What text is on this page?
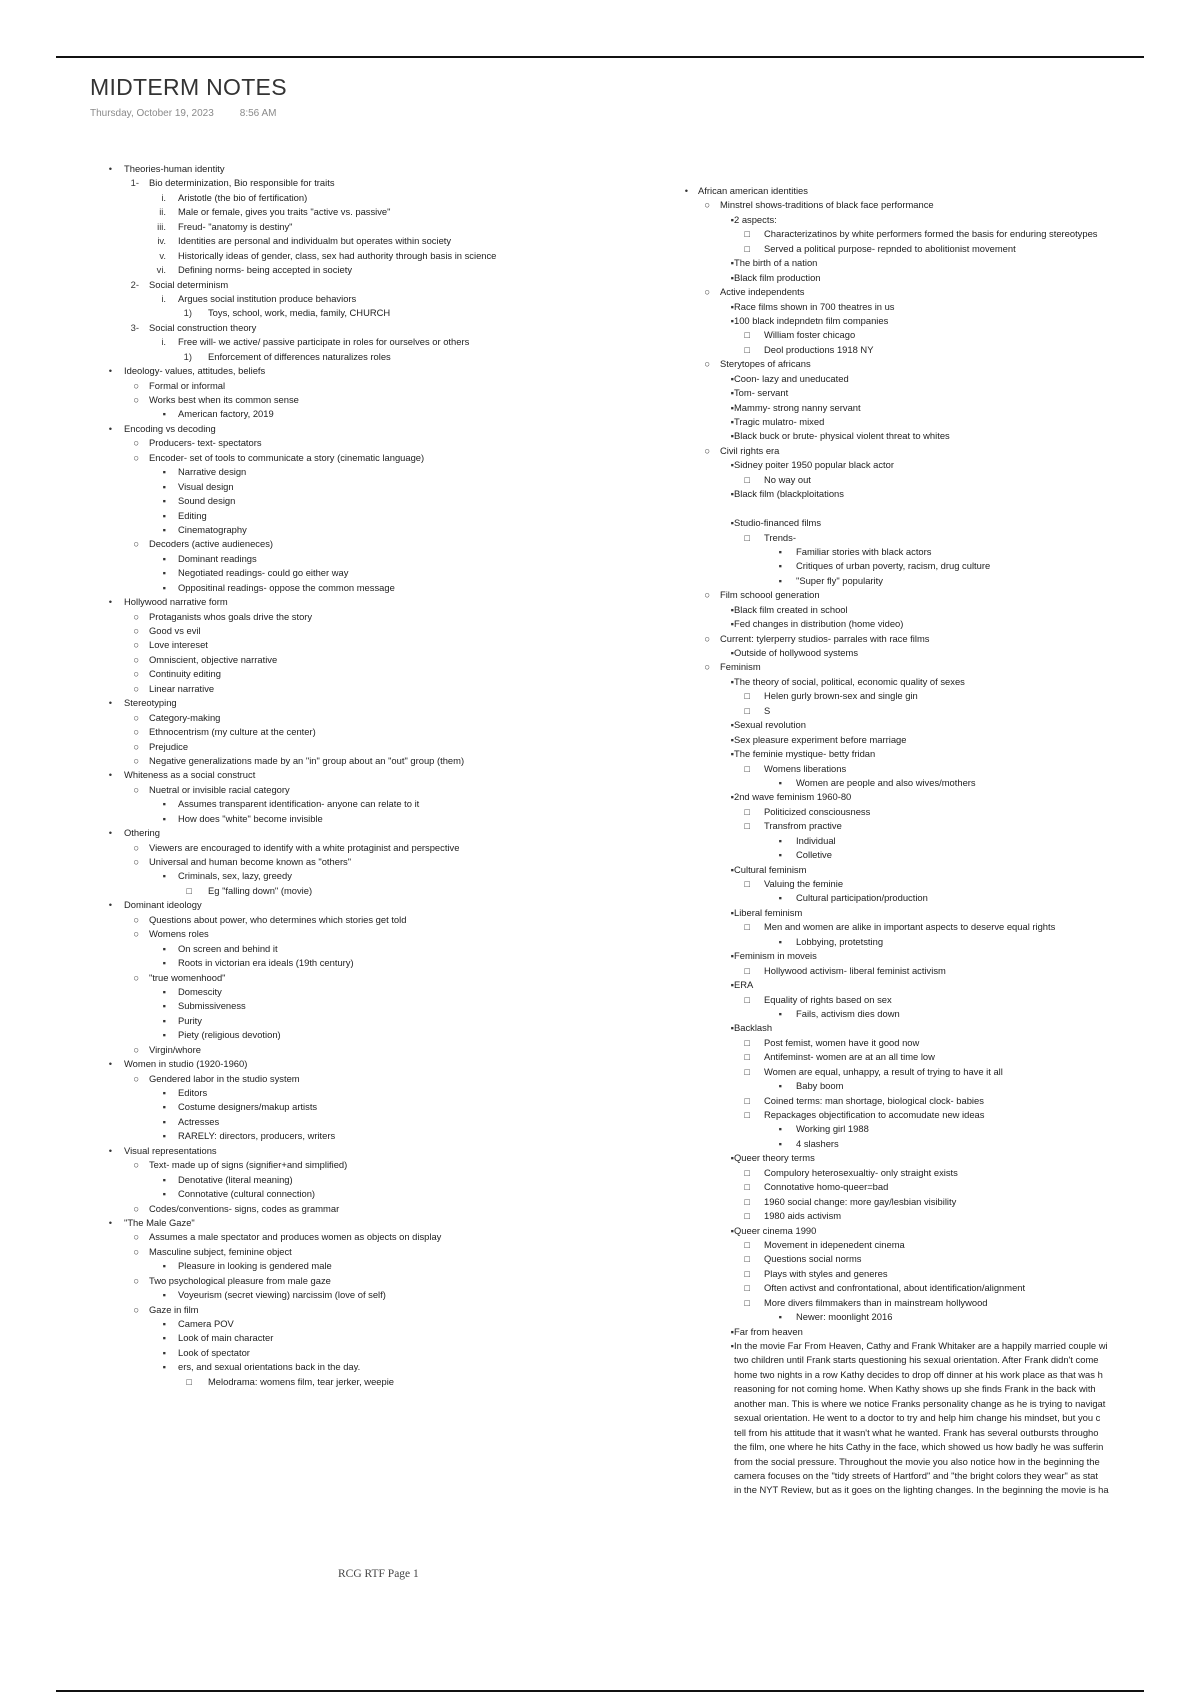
MIDTERM NOTES
Thursday, October 19, 2023	8:56 AM
• Theories-human identity
1- Bio determinization, Bio responsible for traits
i. Aristotle (the bio of fertification)
ii. Male or female, gives you traits "active vs. passive"
iii. Freud- "anatomy is destiny"
iv. Identities are personal and individualm but operates within society
v. Historically ideas of gender, class, sex had authority through basis in science
vi. Defining norms- being accepted in society
2- Social determinism
i. Argues social institution produce behaviors
1) Toys, school, work, media, family, CHURCH
3- Social construction theory
i. Free will- we active/ passive participate in roles for ourselves or others
1) Enforcement of differences naturalizes roles
• Ideology- values, attitudes, beliefs
○ Formal or informal
○ Works best when its common sense
▪ American factory, 2019
• Encoding vs decoding
○ Producers- text- spectators
○ Encoder- set of tools to communicate a story (cinematic language)
▪ Narrative design
▪ Visual design
▪ Sound design
▪ Editing
▪ Cinematography
○ Decoders (active audieneces)
▪ Dominant readings
▪ Negotiated readings- could go either way
▪ Oppositinal readings- oppose the common message
• Hollywood narrative form
○ Protaganists whos goals drive the story
○ Good vs evil
○ Love intereset
○ Omniscient, objective narrative
○ Continuity editing
○ Linear narrative
• Stereotyping
○ Category-making
○ Ethnocentrism (my culture at the center)
○ Prejudice
○ Negative generalizations made by an "in" group about an "out" group (them)
• Whiteness as a social construct
○ Nuetral or invisible racial category
▪ Assumes transparent identification- anyone can relate to it
▪ How does "white" become invisible
• Othering
○ Viewers are encouraged to identify with a white protaginist and perspective
○ Universal and human become known as "others"
▪ Criminals, sex, lazy, greedy
□ Eg "falling down" (movie)
• Dominant ideology
○ Questions about power, who determines which stories get told
○ Womens roles
▪ On screen and behind it
▪ Roots in victorian era ideals (19th century)
○ "true womenhood"
▪ Domescity
▪ Submissiveness
▪ Purity
▪ Piety (religious devotion)
○ Virgin/whore
• Women in studio (1920-1960)
○ Gendered labor in the studio system
▪ Editors
▪ Costume designers/makup artists
▪ Actresses
▪ RARELY: directors, producers, writers
• Visual representations
○ Text- made up of signs (signifier+and simplified)
▪ Denotative (literal meaning)
▪ Connotative (cultural connection)
○ Codes/conventions- signs, codes as grammar
• "The Male Gaze"
○ Assumes a male spectator and produces women as objects on display
○ Masculine subject, feminine object
▪ Pleasure in looking is gendered male
○ Two psychological pleasure from male gaze
▪ Voyeurism (secret viewing) narcissim (love of self)
○ Gaze in film
▪ Camera POV
▪ Look of main character
▪ Look of spectator
▪ ers, and sexual orientations back in the day.
□ Melodrama: womens film, tear jerker, weepie
• African american identities
○ Minstrel shows-traditions of black face performance
▪ 2 aspects:
□ Characterizatinos by white performers formed the basis for enduring stereotypes
□ Served a political purpose- repnded to abolitionist movement
▪ The birth of a nation
▪ Black film production
○ Active independents
▪ Race films shown in 700 theatres in us
▪ 100 black indepndetn film companies
□ William foster chicago
□ Deol productions 1918 NY
○ Sterytopes of africans
▪ Coon- lazy and uneducated
▪ Tom- servant
▪ Mammy- strong nanny servant
▪ Tragic mulatro- mixed
▪ Black buck or brute- physical violent threat to whites
○ Civil rights era
▪ Sidney poiter 1950 popular black actor
□ No way out
▪ Black film (blackploitations
▪ Studio-financed films
□ Trends-
▪ Familiar stories with black actors
▪ Critiques of urban poverty, racism, drug culture
▪ "Super fly" popularity
○ Film schoool generation
▪ Black film created in school
▪ Fed changes in distribution (home video)
○ Current: tylerperry studios- parrales with race films
▪ Outside of hollywood systems
○ Feminism
▪ The theory of social, political, economic quality of sexes
□ Helen gurly brown-sex and single gin
□ S
▪ Sexual revolution
▪ Sex pleasure experiment before marriage
▪ The feminie mystique- betty fridan
□ Womens liberations
▪ Women are people and also wives/mothers
▪ 2nd wave feminism 1960-80
□ Politicized consciousness
□ Transfrom practive
▪ Individual
▪ Colletive
▪ Cultural feminism
□ Valuing the feminie
▪ Cultural participation/production
▪ Liberal feminism
□ Men and women are alike in important aspects to deserve equal rights
▪ Lobbying, protetsting
▪ Feminism in moveis
□ Hollywood activism- liberal feminist activism
▪ ERA
□ Equality of rights based on sex
▪ Fails, activism dies down
▪ Backlash
□ Post femist, women have it good now
□ Antifeminst- women are at an all time low
□ Women are equal, unhappy, a result of trying to have it all
▪ Baby boom
□ Coined terms: man shortage, biological clock- babies
□ Repackages objectification to accomudate new ideas
▪ Working girl 1988
▪ 4 slashers
▪ Queer theory terms
□ Compulory heterosexualtiy- only straight exists
□ Connotative homo-queer=bad
□ 1960 social change: more gay/lesbian visibility
□ 1980 aids activism
▪ Queer cinema 1990
□ Movement in idepenedent cinema
□ Questions social norms
□ Plays with styles and generes
□ Often activst and confrontational, about identification/alignment
□ More divers filmmakers than in mainstream hollywood
▪ Newer: moonlight 2016
▪ Far from heaven
▪ In the movie Far From Heaven, Cathy and Frank Whitaker are a happily married couple wi
two children until Frank starts questioning his sexual orientation. After Frank didn't come
home two nights in a row Kathy decides to drop off dinner at his work place as that was h
reasoning for not coming home. When Kathy shows up she finds Frank in the back with
another man. This is where we notice Franks personality change as he is trying to navigat
sexual orientation. He went to a doctor to try and help him change his mindset, but you c
tell from his attitude that it wasn't what he wanted. Frank has several outbursts througho
the film, one where he hits Cathy in the face, which showed us how badly he was sufferin
from the social pressure. Throughout the movie you also notice how in the beginning the
camera focuses on the "tidy streets of Hartford" and "the bright colors they wear" as stat
in the NYT Review, but as it goes on the lighting changes. In the beginning the movie is ha
RCG RTF Page 1
